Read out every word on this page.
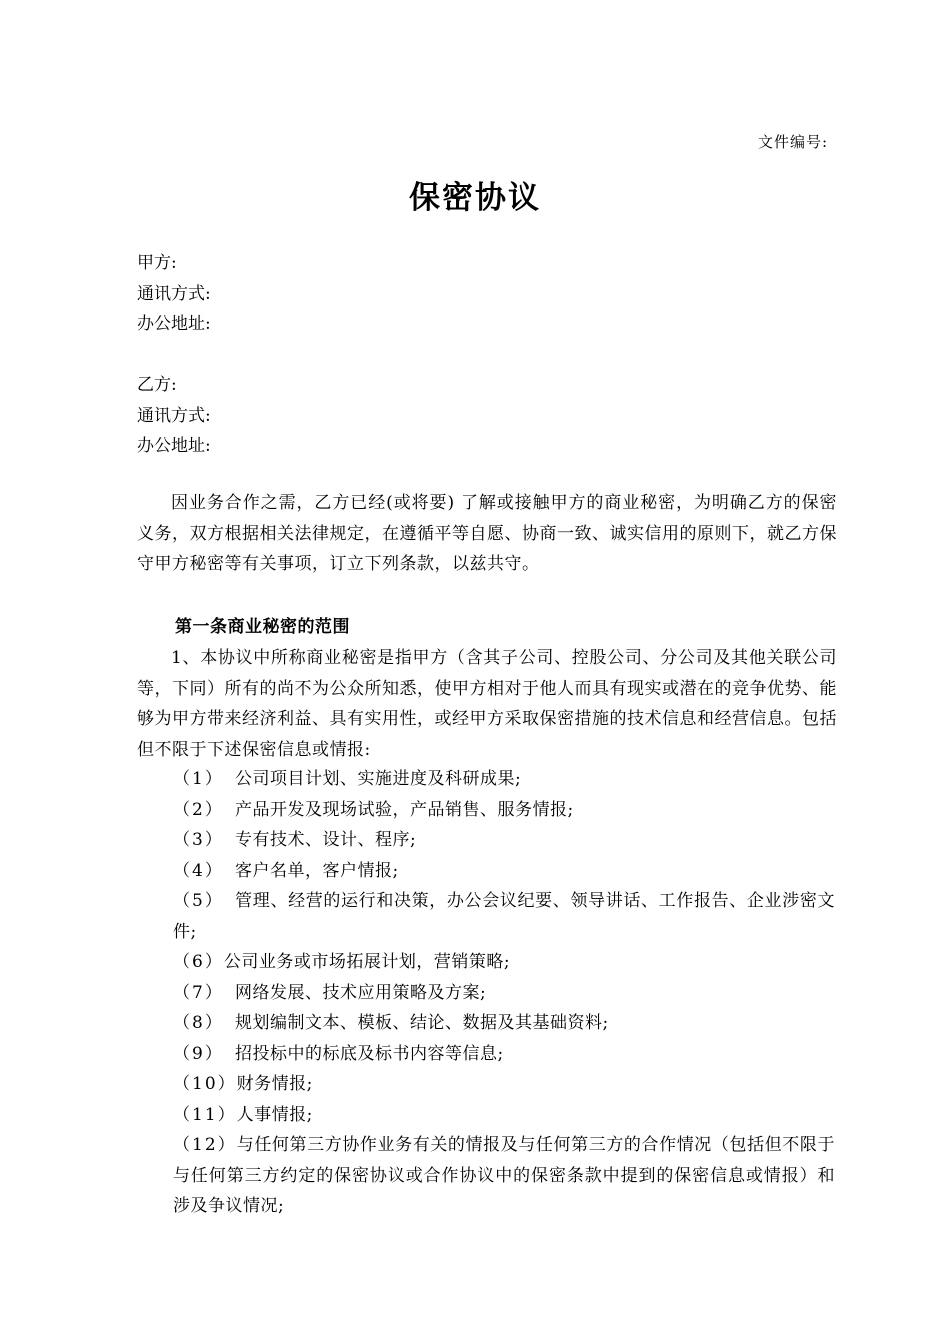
文件编号:
保密协议
甲方:
通讯方式:
办公地址:
乙方:
通讯方式:
办公地址:
因业务合作之需，乙方已经(或将要) 了解或接触甲方的商业秘密，为明确乙方的保密义务，双方根据相关法律规定，在遵循平等自愿、协商一致、诚实信用的原则下，就乙方保守甲方秘密等有关事项，订立下列条款，以兹共守。
第一条商业秘密的范围
1、本协议中所称商业秘密是指甲方（含其子公司、控股公司、分公司及其他关联公司等，下同）所有的尚不为公众所知悉，使甲方相对于他人而具有现实或潜在的竞争优势、能够为甲方带来经济利益、具有实用性，或经甲方采取保密措施的技术信息和经营信息。包括但不限于下述保密信息或情报:
（1） 公司项目计划、实施进度及科研成果;
（2） 产品开发及现场试验，产品销售、服务情报;
（3） 专有技术、设计、程序;
（4） 客户名单，客户情报;
（5） 管理、经营的运行和决策，办公会议纪要、领导讲话、工作报告、企业涉密文件;
（6）公司业务或市场拓展计划，营销策略;
（7） 网络发展、技术应用策略及方案;
（8） 规划编制文本、模板、结论、数据及其基础资料;
（9） 招投标中的标底及标书内容等信息;
（10）财务情报;
（11）人事情报;
（12）与任何第三方协作业务有关的情报及与任何第三方的合作情况（包括但不限于与任何第三方约定的保密协议或合作协议中的保密条款中提到的保密信息或情报）和涉及争议情况;
